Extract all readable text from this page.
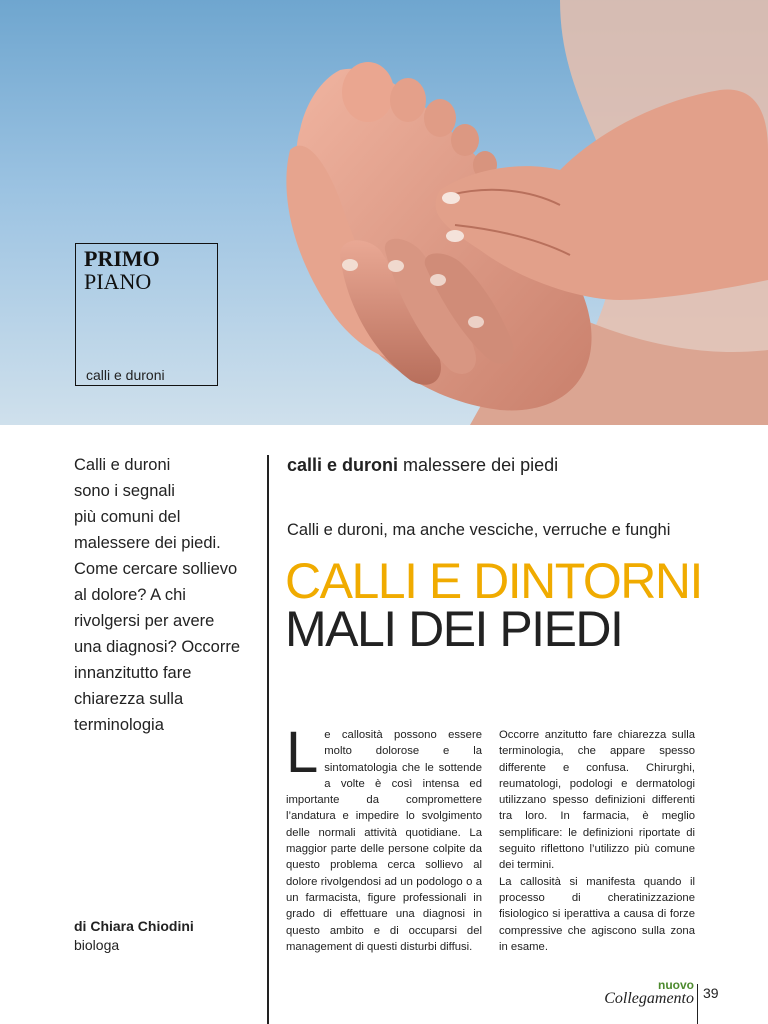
PRIMO
PIANO
calli e duroni

Calli e duroni

sono i segnali

più comuni del

malessere dei piedi.

Come cercare sollievo

al dolore? A chi

rivolgersi per avere

una diagnosi? Occorre

innanzitutto fare

chiarezza sulla

terminologia

calli e duroni malessere dei piedi
Calli e duroni, ma anche vesciche, verruche e funghi
CALLI E DINTORNI
MALI DEI PIEDI
L e callosità possono essere molto dolorose e la sintomatologia che le sottende a volte è così intensa ed importante da compromettere l’andatura e impedire lo svolgimento delle normali attività quotidiane. La maggior parte delle persone colpite da questo problema cerca sollievo al dolore rivolgendosi ad un podologo o a un farmacista, figure professionali in grado di effettuare una diagnosi in questo ambito e di occuparsi del management di questi disturbi diffusi.

Occorre anzitutto fare chiarezza sulla terminologia, che appare spesso differente e confusa. Chirurghi, reumatologi, podologi e dermatologi utilizzano spesso definizioni differenti tra loro. In farmacia, è meglio semplificare: le definizioni riportate di seguito riflettono l’utilizzo più comune dei termini.

La callosità si manifesta quando il processo di cheratinizzazione fisiologico si iperattiva a causa di forze compressive che agiscono sulla zona in esame.

di Chiara Chiodini
biologa
nuovo
Collegamento 39
